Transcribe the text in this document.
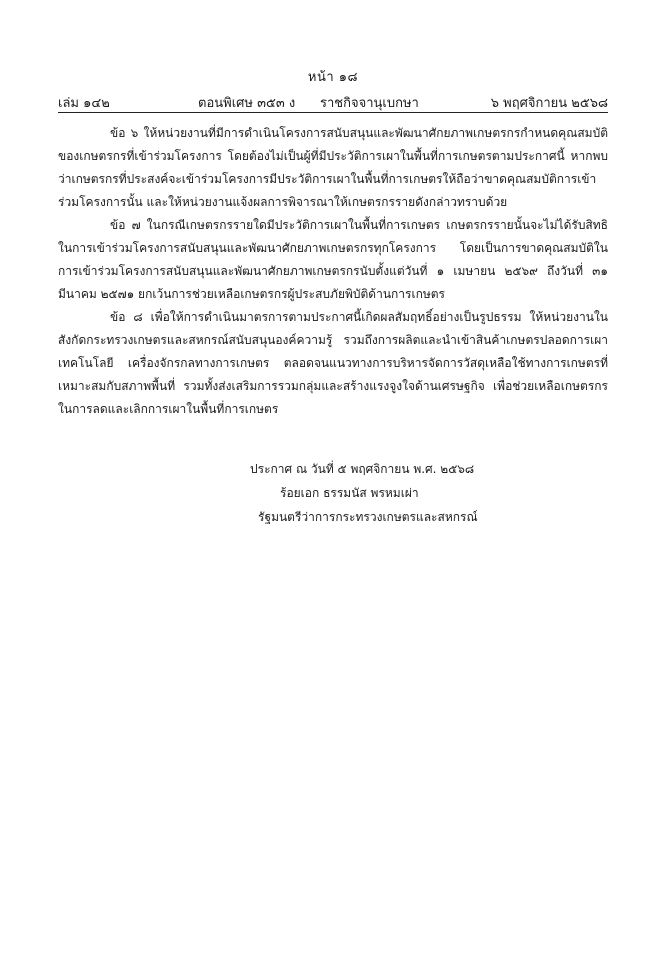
หน้า ๑๘
เล่ม ๑๔๒	ตอนพิเศษ ๓๕๓ ง ราชกิจจานุเบกษา	๖ พฤศจิกายน ๒๕๖๘

ข้อ ๖ ให้หน่วยงานที่มีการดำเนินโครงการสนับสนุนและพัฒนาศักยภาพเกษตรกรกำหนดคุณสมบัติของเกษตรกรที่เข้าร่วมโครงการ โดยต้องไม่เป็นผู้ที่มีประวัติการเผาในพื้นที่การเกษตรตามประกาศนี้ หากพบว่าเกษตรกรที่ประสงค์จะเข้าร่วมโครงการมีประวัติการเผาในพื้นที่การเกษตรให้ถือว่าขาดคุณสมบัติการเข้าร่วมโครงการนั้น และให้หน่วยงานแจ้งผลการพิจารณาให้เกษตรกรรายดังกล่าวทราบด้วย

ข้อ ๗ ในกรณีเกษตรกรรายใดมีประวัติการเผาในพื้นที่การเกษตร เกษตรกรรายนั้นจะไม่ได้รับสิทธิในการเข้าร่วมโครงการสนับสนุนและพัฒนาศักยภาพเกษตรกรทุกโครงการ โดยเป็นการขาดคุณสมบัติในการเข้าร่วมโครงการสนับสนุนและพัฒนาศักยภาพเกษตรกรนับตั้งแต่วันที่ ๑ เมษายน ๒๕๖๙ ถึงวันที่ ๓๑ มีนาคม ๒๕๗๑ ยกเว้นการช่วยเหลือเกษตรกรผู้ประสบภัยพิบัติด้านการเกษตร

ข้อ ๘ เพื่อให้การดำเนินมาตรการตามประกาศนี้เกิดผลสัมฤทธิ์อย่างเป็นรูปธรรม ให้หน่วยงานในสังกัดกระทรวงเกษตรและสหกรณ์สนับสนุนองค์ความรู้ รวมถึงการผลิตและนำเข้าสินค้าเกษตรปลอดการเผา เทคโนโลยี เครื่องจักรกลทางการเกษตร ตลอดจนแนวทางการบริหารจัดการวัสดุเหลือใช้ทางการเกษตรที่เหมาะสมกับสภาพพื้นที่ รวมทั้งส่งเสริมการรวมกลุ่มและสร้างแรงจูงใจด้านเศรษฐกิจ เพื่อช่วยเหลือเกษตรกรในการลดและเลิกการเผาในพื้นที่การเกษตร

ประกาศ ณ วันที่ ๕ พฤศจิกายน พ.ศ. ๒๕๖๘
ร้อยเอก ธรรมนัส พรหมเผ่า
รัฐมนตรีว่าการกระทรวงเกษตรและสหกรณ์
